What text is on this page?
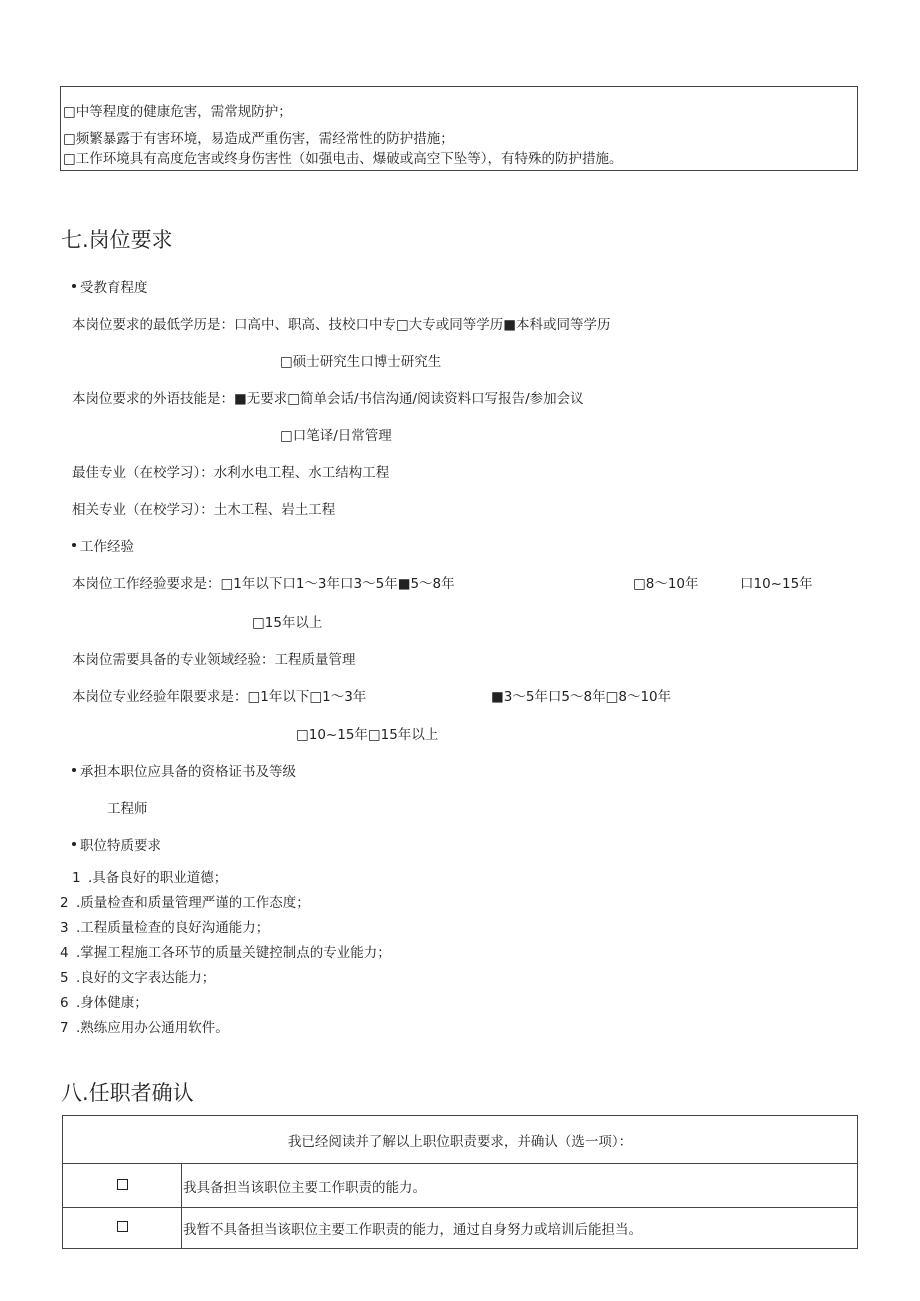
□中等程度的健康危害，需常规防护；
□频繁暴露于有害环境，易造成严重伤害，需经常性的防护措施；
□工作环境具有高度危害或终身伤害性（如强电击、爆破或高空下坠等），有特殊的防护措施。
七.岗位要求
受教育程度
本岗位要求的最低学历是：口高中、职高、技校口中专□大专或同等学历■本科或同等学历
□硕士研究生口博士研究生
本岗位要求的外语技能是：■无要求□简单会话/书信沟通/阅读资料口写报告/参加会议
□口笔译/日常管理
最佳专业（在校学习）：水利水电工程、水工结构工程
相关专业（在校学习）：土木工程、岩土工程
工作经验
本岗位工作经验要求是：□1年以下口1～3年口3～5年■5～8年	□8～10年	口10~15年
□15年以上
本岗位需要具备的专业领域经验：工程质量管理
本岗位专业经验年限要求是：□1年以下□1～3年	■3～5年口5～8年□8～10年
□10~15年□15年以上
承担本职位应具备的资格证书及等级
工程师
职位特质要求
1 .具备良好的职业道德；
2 .质量检查和质量管理严谨的工作态度；
3 .工程质量检查的良好沟通能力；
4 .掌握工程施工各环节的质量关键控制点的专业能力；
5 .良好的文字表达能力；
6 .身体健康；
7 .熟练应用办公通用软件。
八.任职者确认
我已经阅读并了解以上职位职责要求，并确认（选一项）：	
	我具备担当该职位主要工作职责的能力。
	我暂不具备担当该职位主要工作职责的能力，通过自身努力或培训后能担当。
